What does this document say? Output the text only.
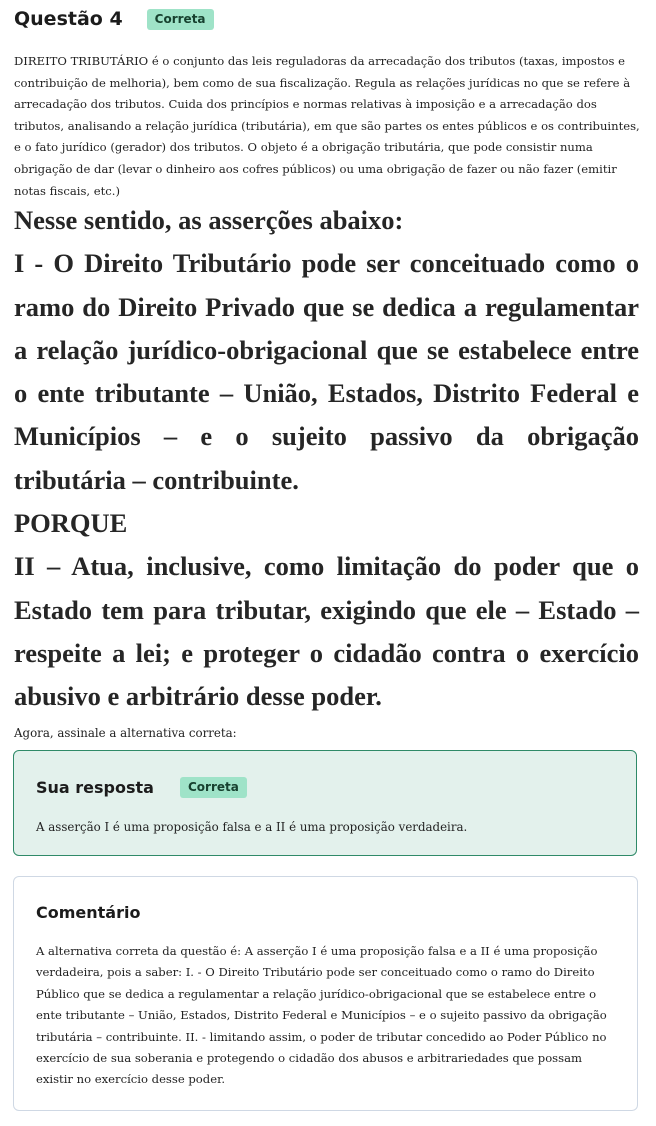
Questão 4	Correta
DIREITO TRIBUTÁRIO é o conjunto das leis reguladoras da arrecadação dos tributos (taxas, impostos e contribuição de melhoria), bem como de sua fiscalização. Regula as relações jurídicas no que se refere à arrecadação dos tributos. Cuida dos princípios e normas relativas à imposição e a arrecadação dos tributos, analisando a relação jurídica (tributária), em que são partes os entes públicos e os contribuintes, e o fato jurídico (gerador) dos tributos. O objeto é a obrigação tributária, que pode consistir numa obrigação de dar (levar o dinheiro aos cofres públicos) ou uma obrigação de fazer ou não fazer (emitir notas fiscais, etc.)
Nesse sentido, as asserções abaixo:
I - O Direito Tributário pode ser conceituado como o ramo do Direito Privado que se dedica a regulamentar a relação jurídico-obrigacional que se estabelece entre o ente tributante – União, Estados, Distrito Federal e Municípios – e o sujeito passivo da obrigação tributária – contribuinte.
PORQUE
II – Atua, inclusive, como limitação do poder que o Estado tem para tributar, exigindo que ele – Estado – respeite a lei; e proteger o cidadão contra o exercício abusivo e arbitrário desse poder.
Agora, assinale a alternativa correta:
Sua resposta	Correta
A asserção I é uma proposição falsa e a II é uma proposição verdadeira.
Comentário
A alternativa correta da questão é: A asserção I é uma proposição falsa e a II é uma proposição verdadeira, pois a saber: I. - O Direito Tributário pode ser conceituado como o ramo do Direito Público que se dedica a regulamentar a relação jurídico-obrigacional que se estabelece entre o ente tributante – União, Estados, Distrito Federal e Municípios – e o sujeito passivo da obrigação tributária – contribuinte. II. - limitando assim, o poder de tributar concedido ao Poder Público no exercício de sua soberania e protegendo o cidadão dos abusos e arbitrariedades que possam existir no exercício desse poder.
